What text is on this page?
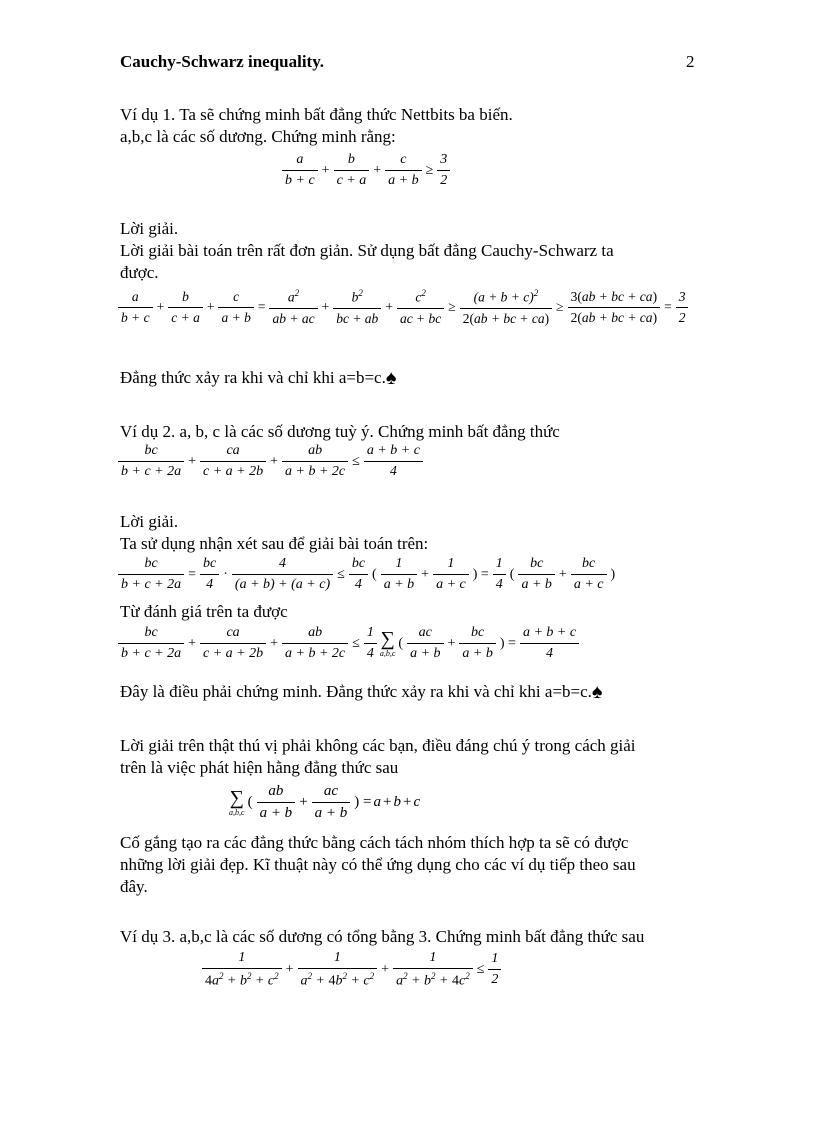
Cauchy-Schwarz inequality.	2
Ví dụ 1. Ta sẽ chứng minh bất đẳng thức Nettbits ba biến.
a,b,c là các số dương. Chứng minh rằng:
$\frac{a}{b + c} + \frac{b}{c + a} + \frac{c}{a + b} \ge \frac{3}{2}$
Lời giải.
Lời giải bài toán trên rất đơn giản. Sử dụng bất đẳng Cauchy-Schwarz ta
được.
$\frac{a}{b + c} + \frac{b}{c + a} + \frac{c}{a + b} = \frac{a^2}{ab + ac} + \frac{b^2}{bc + ab} + \frac{c^2}{ac + bc} \ge \frac{(a + b + c)^2}{2(ab + bc + ca)} \ge \frac{3(ab + bc + ca)}{2(ab + bc + ca)} = \frac{3}{2}$
Đẳng thức xảy ra khi và chỉ khi a=b=c.♠
Ví dụ 2. a, b, c là các số dương tuỳ ý. Chứng minh bất đẳng thức
$\frac{bc}{b + c + 2a} + \frac{ca}{c + a + 2b} + \frac{ab}{a + b + 2c} \le \frac{a + b + c}{4}$
Lời giải.
Ta sử dụng nhận xét sau để giải bài toán trên:
$\frac{bc}{b + c + 2a} = \frac{bc}{4} \cdot \frac{4}{(a + b) + (a + c)} \le \frac{bc}{4}$ ( $\frac{1}{a + b} + \frac{1}{a + c}$ ) = $\frac{1}{4}$ ( $\frac{bc}{a + b} + \frac{bc}{a + c}$ )
Từ đánh giá trên ta được
$\frac{bc}{b + c + 2a} + \frac{ca}{c + a + 2b} + \frac{ab}{a + b + 2c} \le \frac{1}{4}$ ∑
a,b,c
( $\frac{ac}{a + b} + \frac{bc}{a + b}$ ) = $\frac{a + b + c}{4}$
Đây là điều phải chứng minh. Đẳng thức xảy ra khi và chỉ khi a=b=c.♠
Lời giải trên thật thú vị phải không các bạn, điều đáng chú ý trong cách giải
trên là việc phát hiện hằng đẳng thức sau
∑
a,b,c
( $\frac{ab}{a + b} + \frac{ac}{a + b}$ ) = a + b + c
Cố gắng tạo ra các đẳng thức bằng cách tách nhóm thích hợp ta sẽ có được
những lời giải đẹp. Kĩ thuật này có thể ứng dụng cho các ví dụ tiếp theo sau
đây.
Ví dụ 3. a,b,c là các số dương có tổng bằng 3. Chứng minh bất đẳng thức sau
$\frac{1}{4a^2 + b^2 + c^2} + \frac{1}{a^2 + 4b^2 + c^2} + \frac{1}{a^2 + b^2 + 4c^2} \le \frac{1}{2}$
